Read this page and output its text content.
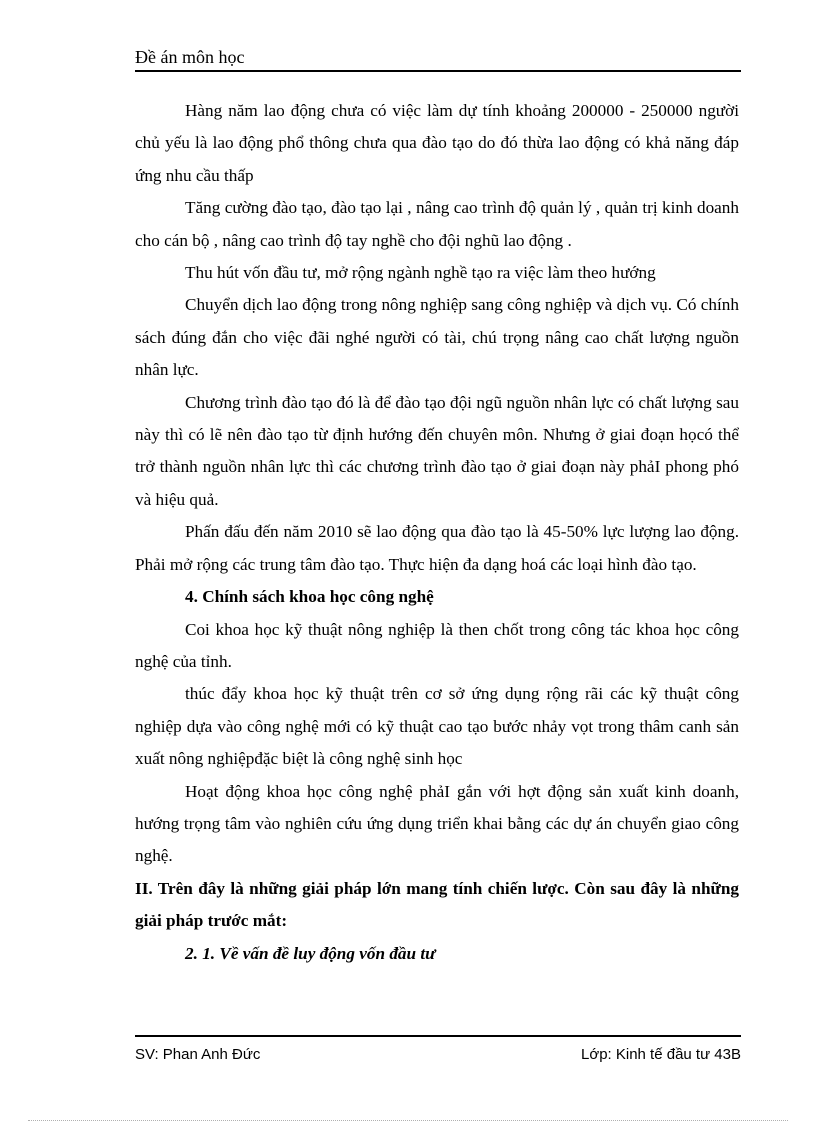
Đề án môn học

Hàng năm lao động chưa có việc làm dự tính khoảng 200000 - 250000 người chủ yếu là lao động phổ thông chưa qua đào tạo do đó thừa lao động có khả năng đáp ứng nhu cầu thấp

Tăng cường đào tạo, đào tạo lại , nâng cao trình độ quản lý , quản trị kinh doanh cho cán bộ , nâng cao trình độ tay nghề cho đội nghũ lao động .

Thu hút vốn đầu tư, mở rộng ngành nghề tạo ra việc làm theo hướng

Chuyển dịch lao động trong nông nghiệp sang công nghiệp và dịch vụ. Có chính sách đúng đắn cho việc đãi nghé người có tài, chú trọng nâng cao chất lượng nguồn nhân lực.

Chương trình đào tạo đó là để đào tạo đội ngũ nguồn nhân lực có chất lượng sau này thì có lẽ nên đào tạo từ định hướng đến chuyên môn. Nhưng ở giai đoạn họcó thể trở thành nguồn nhân lực thì các chương trình đào tạo ở giai đoạn này phảI phong phó và hiệu quả.

Phấn đấu đến năm 2010 sẽ lao động qua đào tạo là 45-50% lực lượng lao động. Phải mở rộng các trung tâm đào tạo. Thực hiện đa dạng hoá các loại hình đào tạo.

4. Chính sách khoa học công nghệ

Coi khoa học kỹ thuật nông nghiệp là then chốt trong công tác khoa học công nghệ của tỉnh.

thúc đẩy khoa học kỹ thuật trên cơ sở ứng dụng rộng rãi các kỹ thuật công nghiệp dựa vào công nghệ mới có kỹ thuật cao tạo bước nhảy vọt trong thâm canh sản xuất nông nghiệpđặc biệt là công nghệ sinh học

Hoạt động khoa học công nghệ phảI gắn với hợt động sản xuất kinh doanh, hướng trọng tâm vào nghiên cứu ứng dụng triển khai bằng các dự án chuyển giao công nghệ.

II. Trên đây là những giải pháp lớn mang tính chiến lược. Còn sau đây là những giải pháp trước mắt:

2. 1. Về vấn đề luy động vốn đầu tư

SV: Phan Anh Đức	Lớp: Kinh tế đầu tư 43B
